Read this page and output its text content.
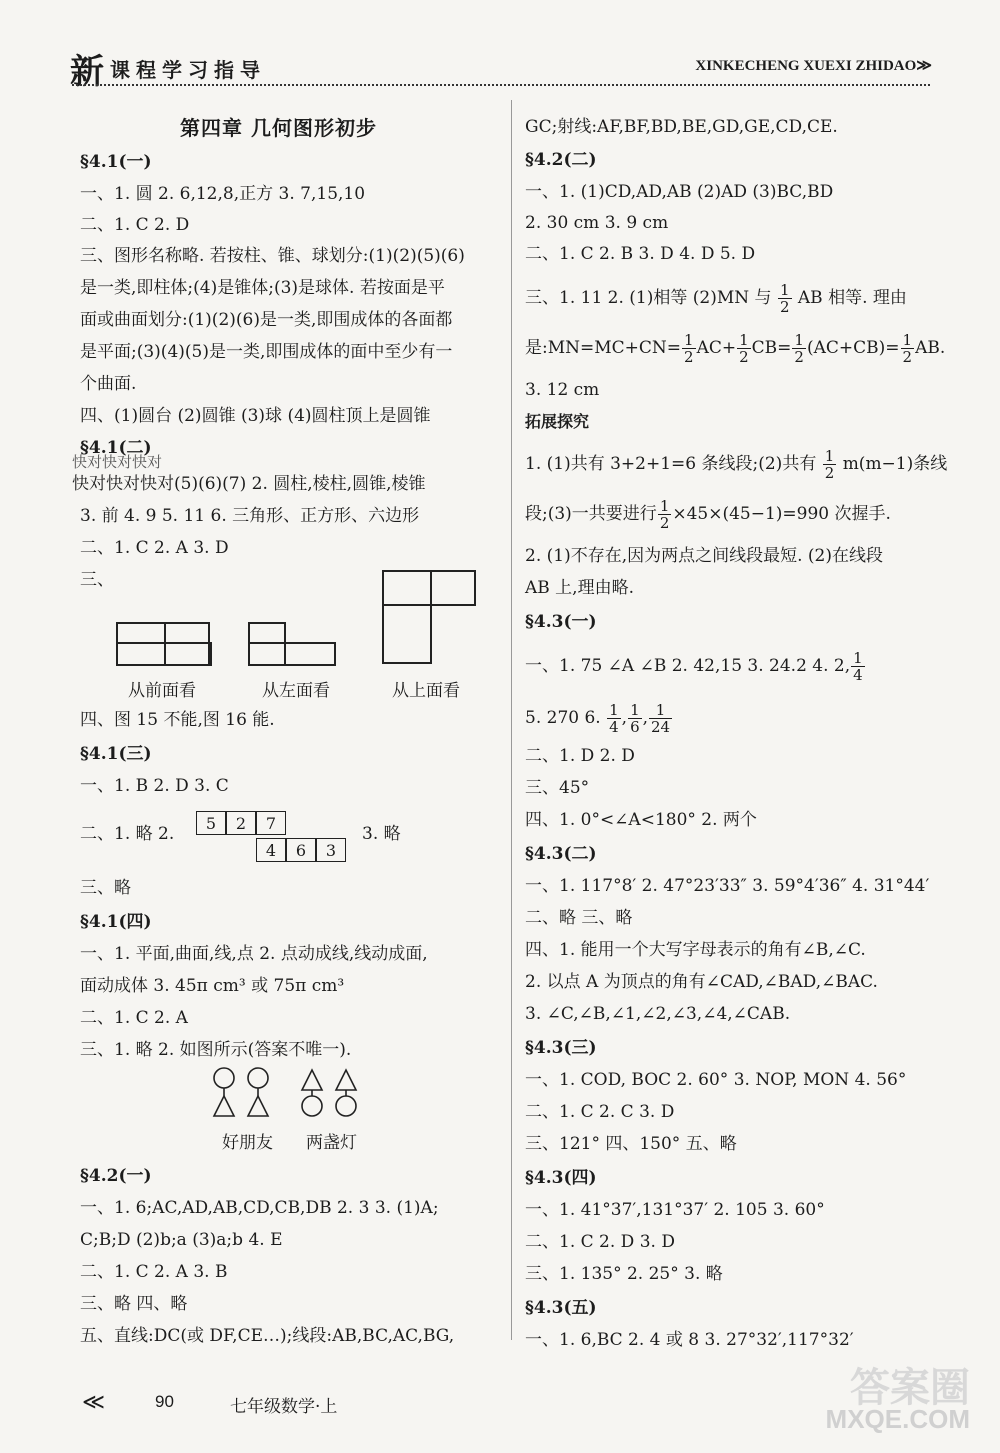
新课程学习指导	XINKECHENG XUEXI ZHIDAO≫
第四章 几何图形初步
§4.1(一)
一、1. 圆 2. 6,12,8,正方 3. 7,15,10
二、1. C 2. D
三、图形名称略. 若按柱、锥、球划分:(1)(2)(5)(6)
是一类,即柱体;(4)是锥体;(3)是球体. 若按面是平
面或曲面划分:(1)(2)(6)是一类,即围成体的各面都
是平面;(3)(4)(5)是一类,即围成体的面中至少有一
个曲面.
四、(1)圆台 (2)圆锥 (3)球 (4)圆柱顶上是圆锥
§4.1(二)
快对快对快对
快对快对快对(5)(6)(7) 2. 圆柱,棱柱,圆锥,棱锥
3. 前 4. 9 5. 11 6. 三角形、正方形、六边形
二、1. C 2. A 3. D
三、
从前面看	从左面看	从上面看
四、图 15 不能,图 16 能.
§4.1(三)
一、1. B 2. D 3. C
二、1. 略 2.
5	2	7
4	6	3
3. 略
三、略
§4.1(四)
一、1. 平面,曲面,线,点 2. 点动成线,线动成面,
面动成体 3. 45π cm³ 或 75π cm³
二、1. C 2. A
三、1. 略 2. 如图所示(答案不唯一).
好朋友 两盏灯
§4.2(一)
一、1. 6;AC,AD,AB,CD,CB,DB 2. 3 3. (1)A;
C;B;D (2)b;a (3)a;b 4. E
二、1. C 2. A 3. B
三、略 四、略
五、直线:DC(或 DF,CE…);线段:AB,BC,AC,BG,
GC;射线:AF,BF,BD,BE,GD,GE,CD,CE.
§4.2(二)
一、1. (1)CD,AD,AB (2)AD (3)BC,BD
2. 30 cm 3. 9 cm
二、1. C 2. B 3. D 4. D 5. D
三、1. 11 2. (1)相等 (2)MN 与 $\frac{1}{2}$ AB 相等. 理由
是:MN=MC+CN= $\frac{1}{2} AC+ \frac{1}{2} CB= \frac{1}{2} (AC+CB)= \frac{1}{2}$ AB.
3. 12 cm
拓展探究
1. (1)共有 3+2+1=6 条线段;(2)共有 $\frac{1}{2} m(m-1)$条线
段;(3)一共要进行 $\frac{1}{2} \times 45\times(45-1)=990$ 次握手.
2. (1)不存在,因为两点之间线段最短. (2)在线段
AB 上,理由略.
§4.3(一)
一、1. 75 ∠A ∠B 2. 42,15 3. 24.2 4. 2, $\frac{1}{4}$
5. 270 6. $\frac{1}{4}$ , $\frac{1}{6}$ , $\frac{1}{24}$
二、1. D 2. D
三、45°
四、1. 0°<∠A<180° 2. 两个
§4.3(二)
一、1. 117°8′ 2. 47°23′33″ 3. 59°4′36″ 4. 31°44′
二、略 三、略
四、1. 能用一个大写字母表示的角有∠B,∠C.
2. 以点 A 为顶点的角有∠CAD,∠BAD,∠BAC.
3. ∠C,∠B,∠1,∠2,∠3,∠4,∠CAB.
§4.3(三)
一、1. COD, BOC 2. 60° 3. NOP, MON 4. 56°
二、1. C 2. C 3. D
三、121° 四、150° 五、略
§4.3(四)
一、1. 41°37′,131°37′ 2. 105 3. 60°
二、1. C 2. D 3. D
三、1. 135° 2. 25° 3. 略
§4.3(五)
一、1. 6,BC 2. 4 或 8 3. 27°32′,117°32′
≪	90	七年级数学·上	答案圈
MXQE.COM
